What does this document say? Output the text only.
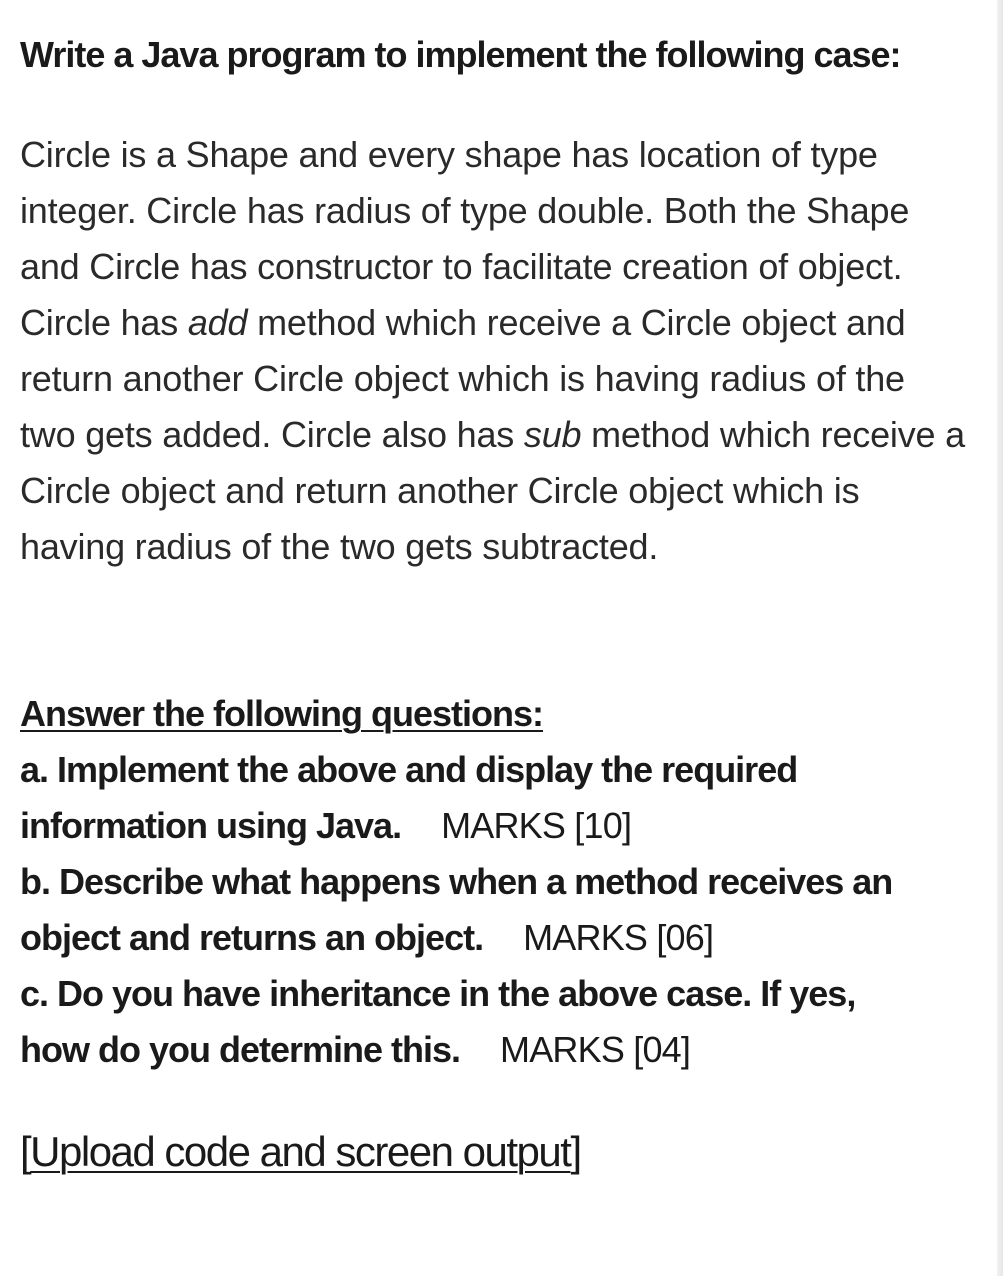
Write a Java program to implement the following case:

Circle is a Shape and every shape has location of type integer. Circle has radius of type double. Both the Shape and Circle has constructor to facilitate creation of object. Circle has add method which receive a Circle object and return another Circle object which is having radius of the two gets added. Circle also has sub method which receive a Circle object and return another Circle object which is having radius of the two gets subtracted.

Answer the following questions:
a. Implement the above and display the required
information using Java. MARKS [10]
b. Describe what happens when a method receives an
object and returns an object. MARKS [06]
c. Do you have inheritance in the above case. If yes,
how do you determine this. MARKS [04]
[Upload code and screen output]
